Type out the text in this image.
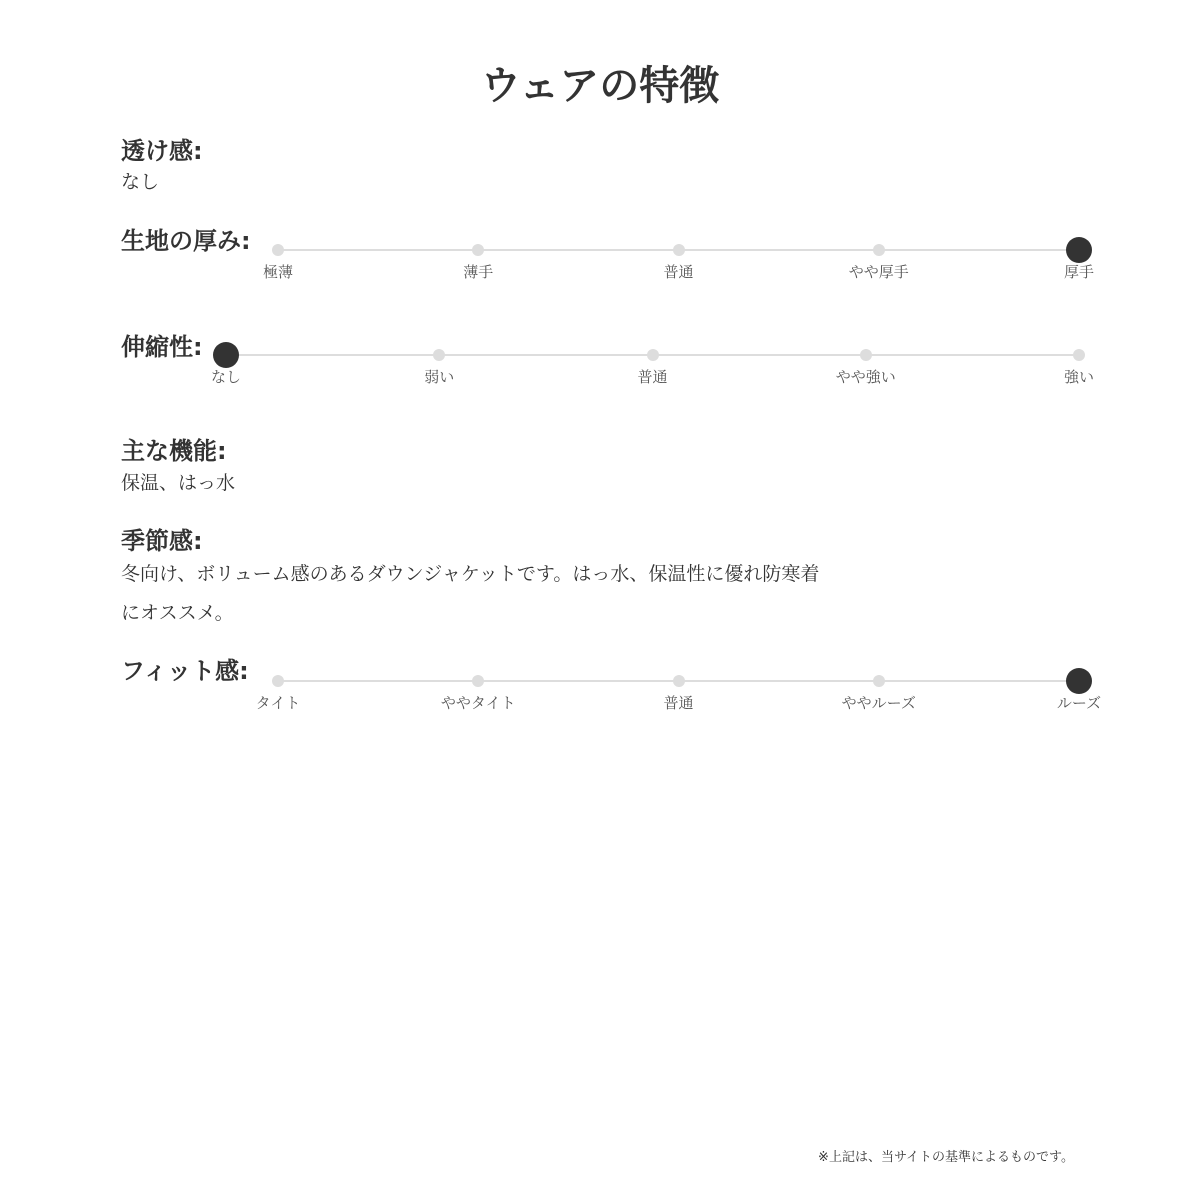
ウェアの特徴
透け感:
なし
生地の厚み:
極薄	薄手	普通	やや厚手	厚手
伸縮性:
なし	弱い	普通	やや強い	強い
主な機能:
保温、はっ水
季節感:
冬向け、ボリューム感のあるダウンジャケットです。はっ水、保温性に優れ防寒着
にオススメ。
フィット感:
タイト	ややタイト	普通	ややルーズ	ルーズ
※上記は、当サイトの基準によるものです。
